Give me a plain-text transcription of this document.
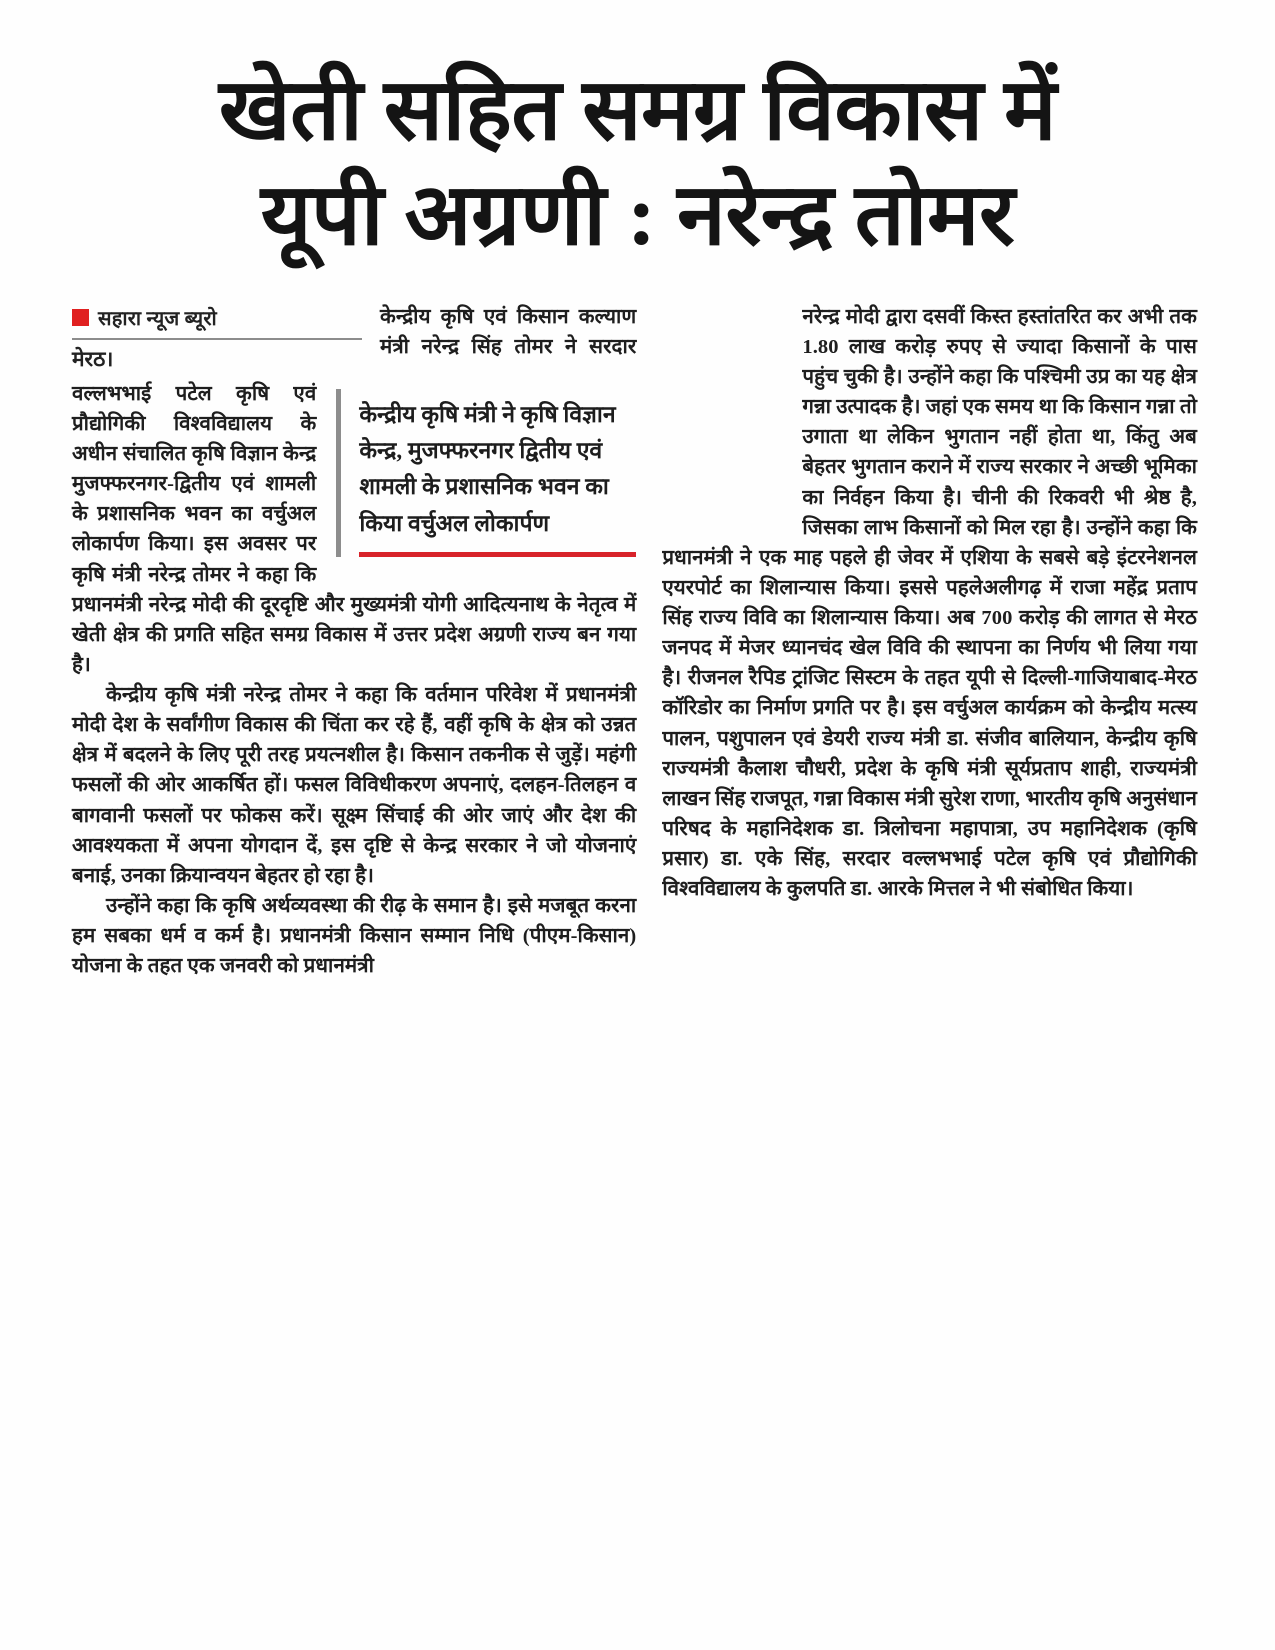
खेती सहित समग्र विकास में
यूपी अग्रणी : नरेन्द्र तोमर
सहारा न्यूज ब्यूरो
मेरठ।
केन्द्रीय कृषि मंत्री ने कृषि विज्ञान केन्द्र, मुजफ्फरनगर द्वितीय एवं शामली के प्रशासनिक भवन का किया वर्चुअल लोकार्पण

केन्द्रीय कृषि एवं किसान कल्याण मंत्री नरेन्द्र सिंह तोमर ने सरदार वल्लभभाई पटेल कृषि एवं प्रौद्योगिकी विश्वविद्यालय के अधीन संचालित कृषि विज्ञान केन्द्र मुजफ्फरनगर-द्वितीय एवं शामली के प्रशासनिक भवन का वर्चुअल लोकार्पण किया। इस अवसर पर कृषि मंत्री नरेन्द्र तोमर ने कहा कि प्रधानमंत्री नरेन्द्र मोदी की दूरदृष्टि और मुख्यमंत्री योगी आदित्यनाथ के नेतृत्व में खेती क्षेत्र की प्रगति सहित समग्र विकास में उत्तर प्रदेश अग्रणी राज्य बन गया है।

केन्द्रीय कृषि मंत्री नरेन्द्र तोमर ने कहा कि वर्तमान परिवेश में प्रधानमंत्री मोदी देश के सर्वांगीण विकास की चिंता कर रहे हैं, वहीं कृषि के क्षेत्र को उन्नत क्षेत्र में बदलने के लिए पूरी तरह प्रयत्नशील है। किसान तकनीक से जुड़ें। महंगी फसलों की ओर आकर्षित हों। फसल विविधीकरण अपनाएं, दलहन-तिलहन व बागवानी फसलों पर फोकस करें। सूक्ष्म सिंचाई की ओर जाएं और देश की आवश्यकता में अपना योगदान दें, इस दृष्टि से केन्द्र सरकार ने जो योजनाएं बनाई, उनका क्रियान्वयन बेहतर हो रहा है।

उन्होंने कहा कि कृषि अर्थव्यवस्था की रीढ़ के समान है। इसे मजबूत करना हम सबका धर्म व कर्म है। प्रधानमंत्री किसान सम्मान निधि (पीएम-किसान) योजना के तहत एक जनवरी को प्रधानमंत्री

नरेन्द्र मोदी द्वारा दसवीं किस्त हस्तांतरित कर अभी तक 1.80 लाख करोड़ रुपए से ज्यादा किसानों के पास पहुंच चुकी है। उन्होंने कहा कि पश्चिमी उप्र का यह क्षेत्र गन्ना उत्पादक है। जहां एक समय था कि किसान गन्ना तो उगाता था लेकिन भुगतान नहीं होता था, किंतु अब बेहतर भुगतान कराने में राज्य सरकार ने अच्छी भूमिका का निर्वहन किया है। चीनी की रिकवरी भी श्रेष्ठ है, जिसका लाभ किसानों को मिल रहा है। उन्होंने कहा कि प्रधानमंत्री ने एक माह पहले ही जेवर में एशिया के सबसे बड़े इंटरनेशनल एयरपोर्ट का शिलान्यास किया। इससे पहलेअलीगढ़ में राजा महेंद्र प्रताप सिंह राज्य विवि का शिलान्यास किया। अब 700 करोड़ की लागत से मेरठ जनपद में मेजर ध्यानचंद खेल विवि की स्थापना का निर्णय भी लिया गया है। रीजनल रैपिड ट्रांजिट सिस्टम के तहत यूपी से दिल्ली-गाजियाबाद-मेरठ कॉरिडोर का निर्माण प्रगति पर है। इस वर्चुअल कार्यक्रम को केन्द्रीय मत्स्य पालन, पशुपालन एवं डेयरी राज्य मंत्री डा. संजीव बालियान, केन्द्रीय कृषि राज्यमंत्री कैलाश चौधरी, प्रदेश के कृषि मंत्री सूर्यप्रताप शाही, राज्यमंत्री लाखन सिंह राजपूत, गन्ना विकास मंत्री सुरेश राणा, भारतीय कृषि अनुसंधान परिषद के महानिदेशक डा. त्रिलोचना महापात्रा, उप महानिदेशक (कृषि प्रसार) डा. एके सिंह, सरदार वल्लभभाई पटेल कृषि एवं प्रौद्योगिकी विश्वविद्यालय के कुलपति डा. आरके मित्तल ने भी संबोधित किया।
